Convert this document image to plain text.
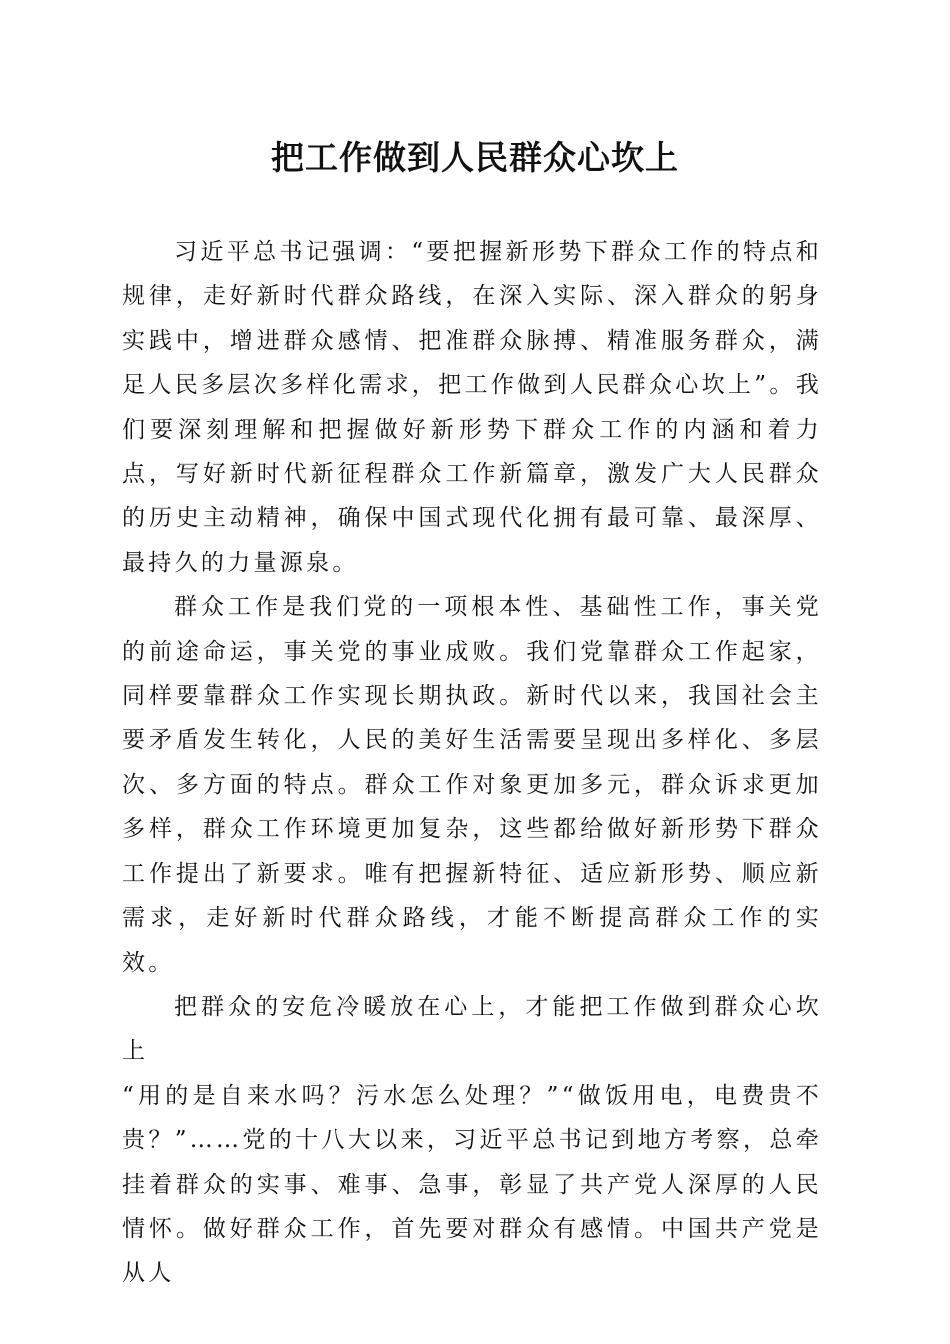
把工作做到人民群众心坎上

习近平总书记强调：“要把握新形势下群众工作的特点和规律，走好新时代群众路线，在深入实际、深入群众的躬身实践中，增进群众感情、把准群众脉搏、精准服务群众，满足人民多层次多样化需求，把工作做到人民群众心坎上”。我们要深刻理解和把握做好新形势下群众工作的内涵和着力点，写好新时代新征程群众工作新篇章，激发广大人民群众的历史主动精神，确保中国式现代化拥有最可靠、最深厚、最持久的力量源泉。

群众工作是我们党的一项根本性、基础性工作，事关党的前途命运，事关党的事业成败。我们党靠群众工作起家，同样要靠群众工作实现长期执政。新时代以来，我国社会主要矛盾发生转化，人民的美好生活需要呈现出多样化、多层次、多方面的特点。群众工作对象更加多元，群众诉求更加多样，群众工作环境更加复杂，这些都给做好新形势下群众工作提出了新要求。唯有把握新特征、适应新形势、顺应新需求，走好新时代群众路线，才能不断提高群众工作的实效。

把群众的安危冷暖放在心上，才能把工作做到群众心坎上

“用的是自来水吗？污水怎么处理？”“做饭用电，电费贵不贵？”……党的十八大以来，习近平总书记到地方考察，总牵挂着群众的实事、难事、急事，彰显了共产党人深厚的人民情怀。做好群众工作，首先要对群众有感情。中国共产党是从人
